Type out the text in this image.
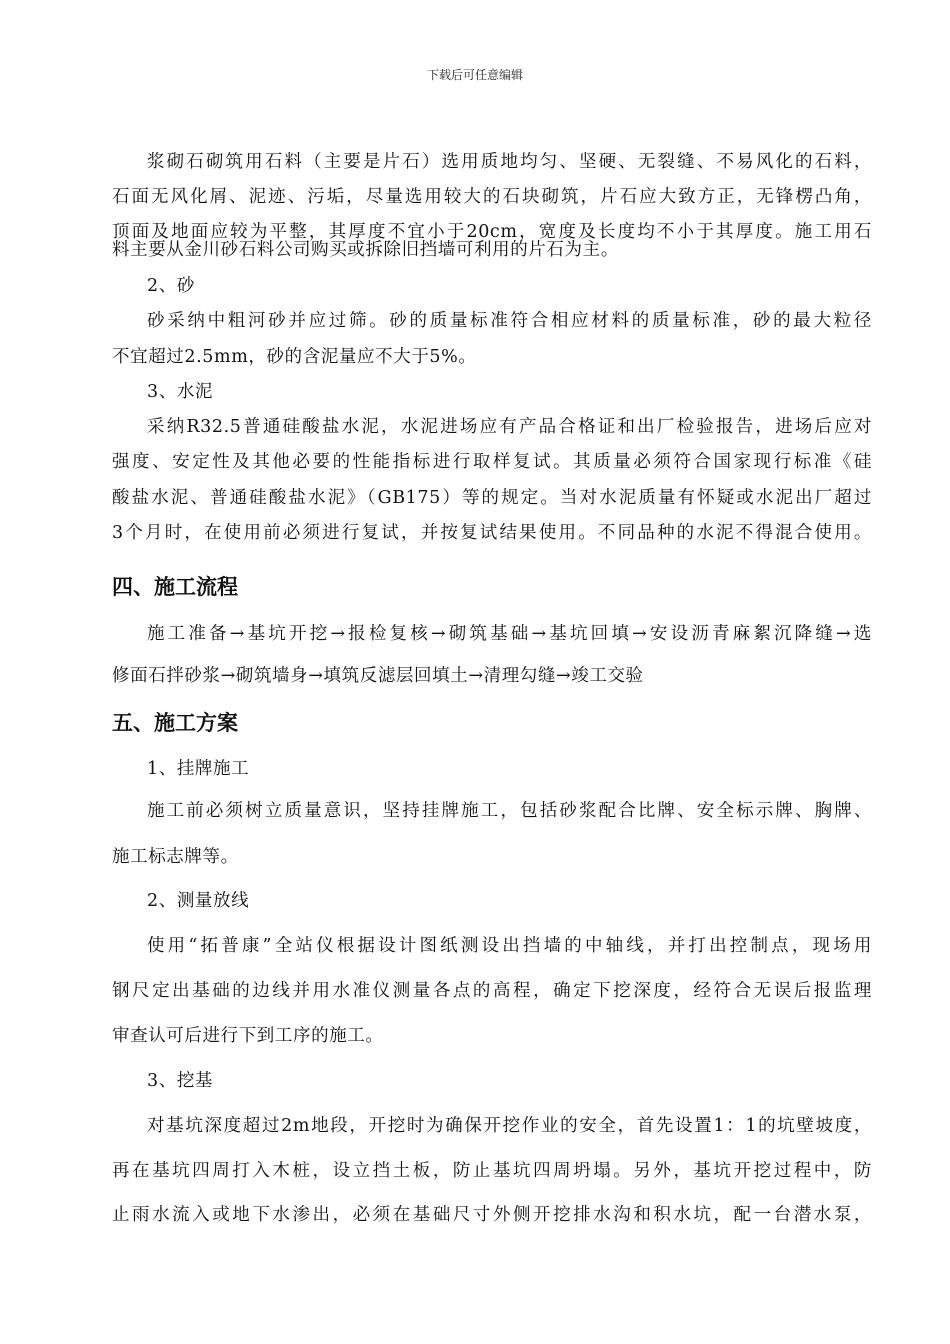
下载后可任意编辑
浆砌石砌筑用石料（主要是片石）选用质地均匀、坚硬、无裂缝、不易风化的石料，
石面无风化屑、泥迹、污垢，尽量选用较大的石块砌筑，片石应大致方正，无锋楞凸角，
顶面及地面应较为平整，其厚度不宜小于20cm，宽度及长度均不小于其厚度。施工用石
料主要从金川砂石料公司购买或拆除旧挡墙可利用的片石为主。
2、砂
砂采纳中粗河砂并应过筛。砂的质量标准符合相应材料的质量标准，砂的最大粒径
不宜超过2.5mm，砂的含泥量应不大于5%。
3、水泥
采纳R32.5普通硅酸盐水泥，水泥进场应有产品合格证和出厂检验报告，进场后应对
强度、安定性及其他必要的性能指标进行取样复试。其质量必须符合国家现行标准《硅
酸盐水泥、普通硅酸盐水泥》（GB175）等的规定。当对水泥质量有怀疑或水泥出厂超过
3个月时，在使用前必须进行复试，并按复试结果使用。不同品种的水泥不得混合使用。
四、施工流程
施工准备→基坑开挖→报检复核→砌筑基础→基坑回填→安设沥青麻絮沉降缝→选
修面石拌砂浆→砌筑墙身→填筑反滤层回填土→清理勾缝→竣工交验
五、施工方案
1、挂牌施工
施工前必须树立质量意识，坚持挂牌施工，包括砂浆配合比牌、安全标示牌、胸牌、
施工标志牌等。
2、测量放线
使用“拓普康”全站仪根据设计图纸测设出挡墙的中轴线，并打出控制点，现场用
钢尺定出基础的边线并用水准仪测量各点的高程，确定下挖深度，经符合无误后报监理
审查认可后进行下到工序的施工。
3、挖基
对基坑深度超过2m地段，开挖时为确保开挖作业的安全，首先设置1：1的坑壁坡度，
再在基坑四周打入木桩，设立挡土板，防止基坑四周坍塌。另外，基坑开挖过程中，防
止雨水流入或地下水渗出，必须在基础尺寸外侧开挖排水沟和积水坑，配一台潜水泵，
